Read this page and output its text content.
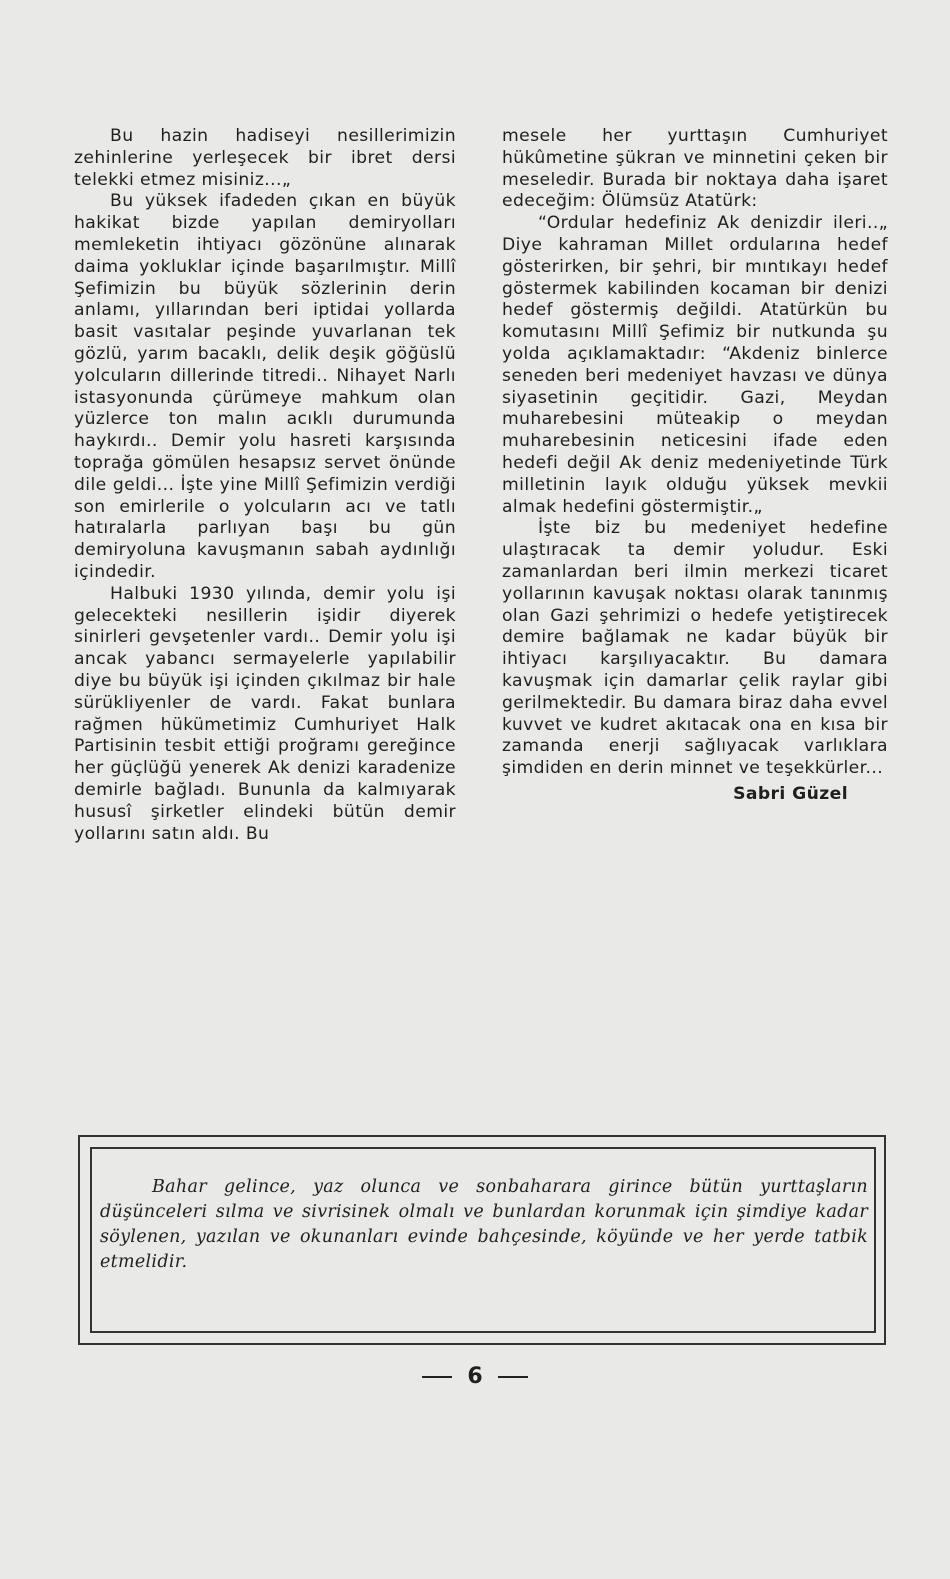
Bu hazin hadiseyi nesillerimizin zehinlerine yerleşecek bir ibret dersi telekki etmez misiniz...„

Bu yüksek ifadeden çıkan en büyük hakikat bizde yapılan demiryolları memleketin ihtiyacı gözönüne alınarak daima yokluklar içinde başarılmıştır. Millî Şefimizin bu büyük sözlerinin derin anlamı, yıllarından beri iptidai yollarda basit vasıtalar peşinde yuvarlanan tek gözlü, yarım bacaklı, delik deşik göğüslü yolcuların dillerinde titredi.. Nihayet Narlı istasyonunda çürümeye mahkum olan yüzlerce ton malın acıklı durumunda haykırdı.. Demir yolu hasreti karşısında toprağa gömülen hesapsız servet önünde dile geldi... İşte yine Millî Şefimizin verdiği son emirlerile o yolcuların acı ve tatlı hatıralarla parlıyan başı bu gün demiryoluna kavuşmanın sabah aydınlığı içindedir.

Halbuki 1930 yılında, demir yolu işi gelecekteki nesillerin işidir diyerek sinirleri gevşetenler vardı.. Demir yolu işi ancak yabancı sermayelerle yapılabilir diye bu büyük işi içinden çıkılmaz bir hale sürükliyenler de vardı. Fakat bunlara rağmen hükümetimiz Cumhuriyet Halk Partisinin tesbit ettiği proğramı gereğince her güçlüğü yenerek Ak denizi karadenize demirle bağladı. Bununla da kalmıyarak hususî şirketler elindeki bütün demir yollarını satın aldı. Bu

mesele her yurttaşın Cumhuriyet hükûmetine şükran ve minnetini çeken bir meseledir. Burada bir noktaya daha işaret edeceğim: Ölümsüz Atatürk:

“Ordular hedefiniz Ak denizdir ileri..„ Diye kahraman Millet ordularına hedef gösterirken, bir şehri, bir mıntıkayı hedef göstermek kabilinden kocaman bir denizi hedef göstermiş değildi. Atatürkün bu komutasını Millî Şefimiz bir nutkunda şu yolda açıklamaktadır: “Akdeniz binlerce seneden beri medeniyet havzası ve dünya siyasetinin geçitidir. Gazi, Meydan muharebesini müteakip o meydan muharebesinin neticesini ifade eden hedefi değil Ak deniz medeniyetinde Türk milletinin layık olduğu yüksek mevkii almak hedefini göstermiştir.„

İşte biz bu medeniyet hedefine ulaştıracak ta demir yoludur. Eski zamanlardan beri ilmin merkezi ticaret yollarının kavuşak noktası olarak tanınmış olan Gazi şehrimizi o hedefe yetiştirecek demire bağlamak ne kadar büyük bir ihtiyacı karşılıyacaktır. Bu damara kavuşmak için damarlar çelik raylar gibi gerilmektedir. Bu damara biraz daha evvel kuvvet ve kudret akıtacak ona en kısa bir zamanda enerji sağlıyacak varlıklara şimdiden en derin minnet ve teşekkürler...

Sabri Güzel
Bahar gelince, yaz olunca ve sonbaharara girince bütün yurttaşların düşünceleri sılma ve sivrisinek olmalı ve bunlardan korunmak için şimdiye kadar söylenen, yazılan ve okunanları evinde bahçesinde, köyünde ve her yerde tatbik etmelidir.
6
